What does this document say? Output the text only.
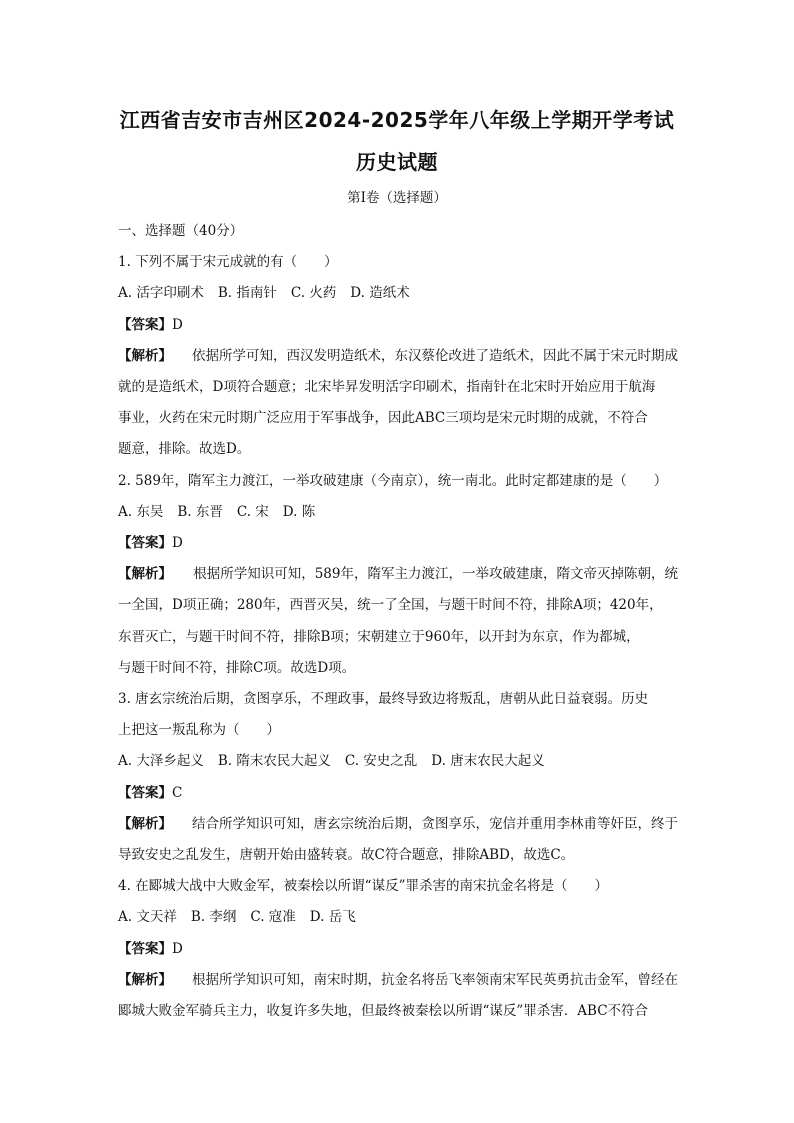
江西省吉安市吉州区2024-2025学年八年级上学期开学考试
历史试题
第Ⅰ卷（选择题）
一、选择题（40分）
1. 下列不属于宋元成就的有（　　）
A. 活字印刷术 B. 指南针 C. 火药 D. 造纸术
【答案】D
【解析】 依据所学可知，西汉发明造纸术，东汉蔡伦改进了造纸术，因此不属于宋元时期成
就的是造纸术，D项符合题意；北宋毕昇发明活字印刷术，指南针在北宋时开始应用于航海
事业，火药在宋元时期广泛应用于军事战争，因此ABC三项均是宋元时期的成就，不符合
题意，排除。故选D。
2. 589年，隋军主力渡江，一举攻破建康（今南京），统一南北。此时定都建康的是（　　）
A. 东吴 B. 东晋 C. 宋 D. 陈
【答案】D
【解析】 根据所学知识可知，589年，隋军主力渡江，一举攻破建康，隋文帝灭掉陈朝，统
一全国，D项正确；280年，西晋灭吴，统一了全国，与题干时间不符，排除A项；420年，
东晋灭亡，与题干时间不符，排除B项；宋朝建立于960年，以开封为东京，作为都城，
与题干时间不符，排除C项。故选D项。
3. 唐玄宗统治后期，贪图享乐，不理政事，最终导致边将叛乱，唐朝从此日益衰弱。历史
上把这一叛乱称为（　　）
A. 大泽乡起义 B. 隋末农民大起义 C. 安史之乱 D. 唐末农民大起义
【答案】C
【解析】 结合所学知识可知，唐玄宗统治后期，贪图享乐，宠信并重用李林甫等奸臣，终于
导致安史之乱发生，唐朝开始由盛转衰。故C符合题意，排除ABD，故选C。
4. 在郾城大战中大败金军，被秦桧以所谓“谋反”罪杀害的南宋抗金名将是（　　）
A. 文天祥 B. 李纲 C. 寇准 D. 岳飞
【答案】D
【解析】 根据所学知识可知，南宋时期，抗金名将岳飞率领南宋军民英勇抗击金军，曾经在
郾城大败金军骑兵主力，收复许多失地，但最终被秦桧以所谓“谋反”罪杀害．ABC不符合
